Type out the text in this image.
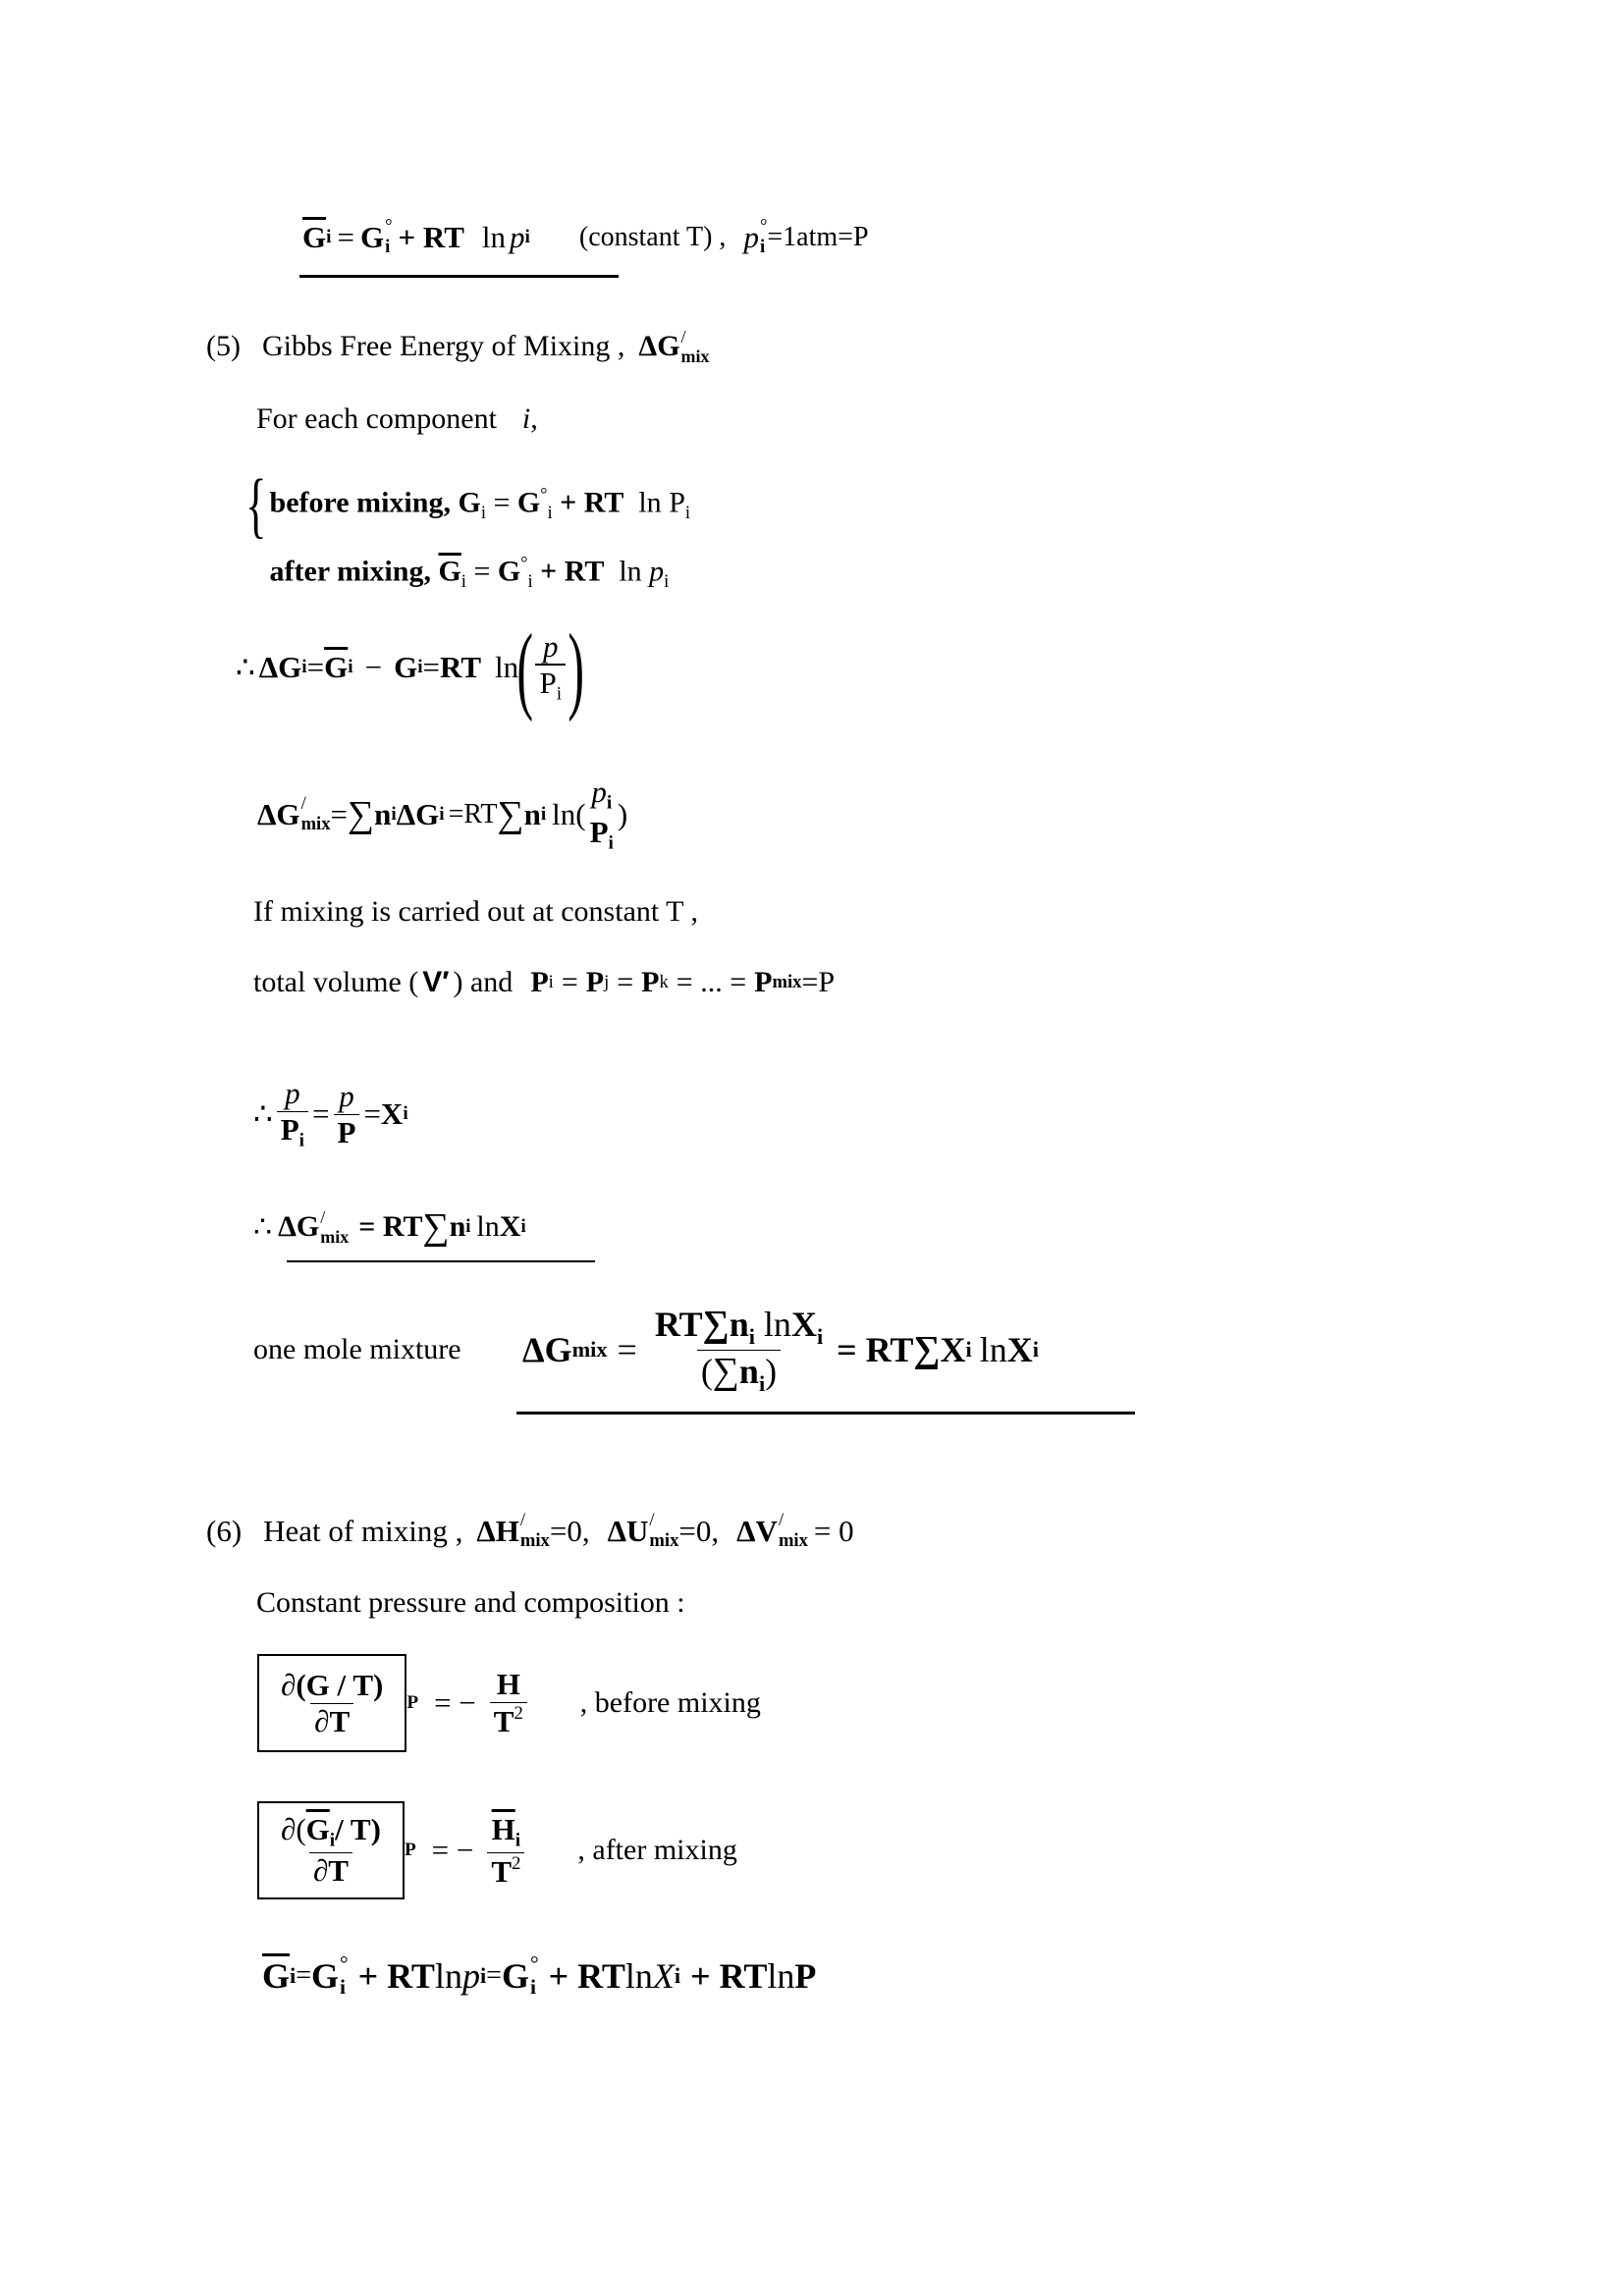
$\overline{G}$ i = G °
i + RT ln p i (constant T) , p °
i =1atm=P
(5) Gibbs Free Energy of Mixing , ΔG /
mix
For each component i,
{ before mixing, $G_i = G^\circ_i$ + RT $\ln P_i$
after mixing, $\overline{G}_i = G^\circ_i$ + RT $\ln p_i$
∴ ΔG $i = \overline{G}$ i − G i = RT ln
( $\frac{p}{P_i}$ )
ΔG /
mix = ∑ n i ΔG i =RT ∑ n i ln(
$p_i$
$P_i$
)
If mixing is carried out at constant T ,
total volume ( V′ ) and P i = P j = P k = ... = P mix =P
∴ $\frac{p}{P_i} = \frac{p}{P} = X$ i
∴ ΔG /
mix = RT ∑ n i ln X i
one mole mixture ΔG mix = $\frac{RT\sum n_i \ln X_i}{(\sum n_i)}$ = RT ∑ X i ln X i
(6) Heat of mixing , ΔH /
mix =0, ΔU /
mix =0, ΔV /
mix = 0
Constant pressure and composition :
$\frac{\partial(G / T)}{\partial T}$ P = − $\frac{H}{T^2}$ , before mixing
$\frac{\partial(\overline{G}_i/ T)}{\partial T}$ P = − $\frac{\overline{H}_i}{T^2}$ , after mixing
$\overline{G}$ i = G °
i + RT ln p i = G °
i + RT ln X i + RT ln P
